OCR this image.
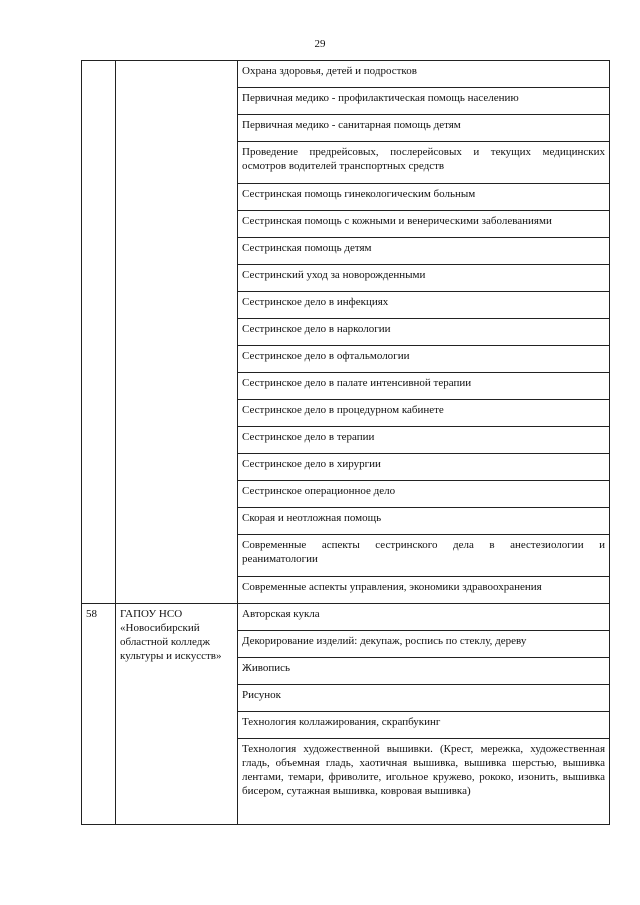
29
		Охрана здоровья, детей и подростков
		Первичная медико - профилактическая помощь населению
		Первичная медико - санитарная помощь детям
		Проведение предрейсовых, послерейсовых и текущих медицинских осмотров водителей транспортных средств
		Сестринская помощь гинекологическим больным
		Сестринская помощь с кожными и венерическими заболеваниями
		Сестринская помощь детям
		Сестринский уход за новорожденными
		Сестринское дело в инфекциях
		Сестринское дело в наркологии
		Сестринское дело в офтальмологии
		Сестринское дело в палате интенсивной терапии
		Сестринское дело в процедурном кабинете
		Сестринское дело в терапии
		Сестринское дело в хирургии
		Сестринское операционное дело
		Скорая и неотложная помощь
		Современные аспекты сестринского дела в анестезиологии и реаниматологии
		Современные аспекты управления, экономики здравоохранения
58	ГАПОУ НСО «Новосибирский областной колледж культуры и искусств»	Авторская кукла
		Декорирование изделий: декупаж, роспись по стеклу, дереву
		Живопись
		Рисунок
		Технология коллажирования, скрапбукинг
		Технология художественной вышивки. (Крест, мережка, художественная гладь, объемная гладь, хаотичная вышивка, вышивка шерстью, вышивка лентами, темари, фриволите, игольное кружево, рококо, изонить, вышивка бисером, сутажная вышивка, ковровая вышивка)
